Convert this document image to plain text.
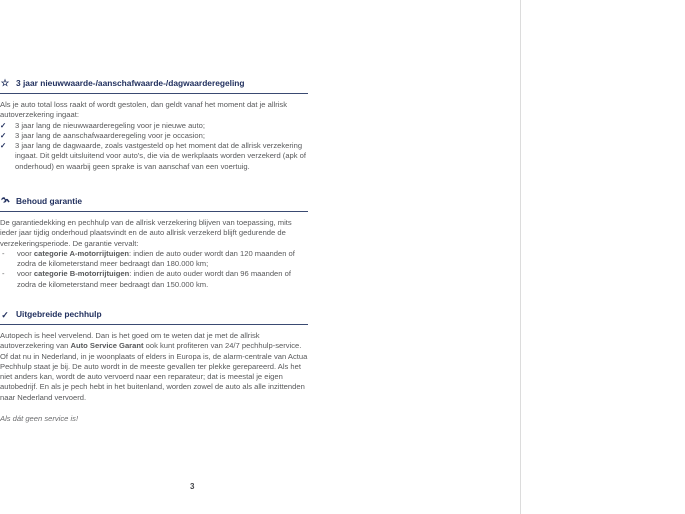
☆ 3 jaar nieuwwaarde-/aanschafwaarde-/dagwaarderegeling

Als je auto total loss raakt of wordt gestolen, dan geldt vanaf het moment dat je allrisk autoverzekering ingaat:

✓	3 jaar lang de nieuwwaarderegeling voor je nieuwe auto;
✓	3 jaar lang de aanschafwaarderegeling voor je occasion;
✓	3 jaar lang de dagwaarde, zoals vastgesteld op het moment dat de allrisk verzekering ingaat. Dit geldt uitsluitend voor auto's, die via de werkplaats worden verzekerd (apk of onderhoud) en waarbij geen sprake is van aanschaf van een voertuig.
Behoud garantie

De garantiedekking en pechhulp van de allrisk verzekering blijven van toepassing, mits ieder jaar tijdig onderhoud plaatsvindt en de auto allrisk verzekerd blijft gedurende de verzekeringsperiode. De garantie vervalt:

-	voor categorie A-motorrijtuigen: indien de auto ouder wordt dan 120 maanden of zodra de kilometerstand meer bedraagt dan 180.000 km;
-	voor categorie B-motorrijtuigen: indien de auto ouder wordt dan 96 maanden of zodra de kilometerstand meer bedraagt dan 150.000 km.
✓ Uitgebreide pechhulp

Autopech is heel vervelend. Dan is het goed om te weten dat je met de allrisk autoverzekering van Auto Service Garant ook kunt profiteren van 24/7 pechhulp-service. Of dat nu in Nederland, in je woonplaats of elders in Europa is, de alarm-centrale van Actua Pechhulp staat je bij. De auto wordt in de meeste gevallen ter plekke gerepareerd. Als het niet anders kan, wordt de auto vervoerd naar een reparateur; dat is meestal je eigen autobedrijf. En als je pech hebt in het buitenland, worden zowel de auto als alle inzittenden naar Nederland vervoerd.

Als dát geen service is!

3
